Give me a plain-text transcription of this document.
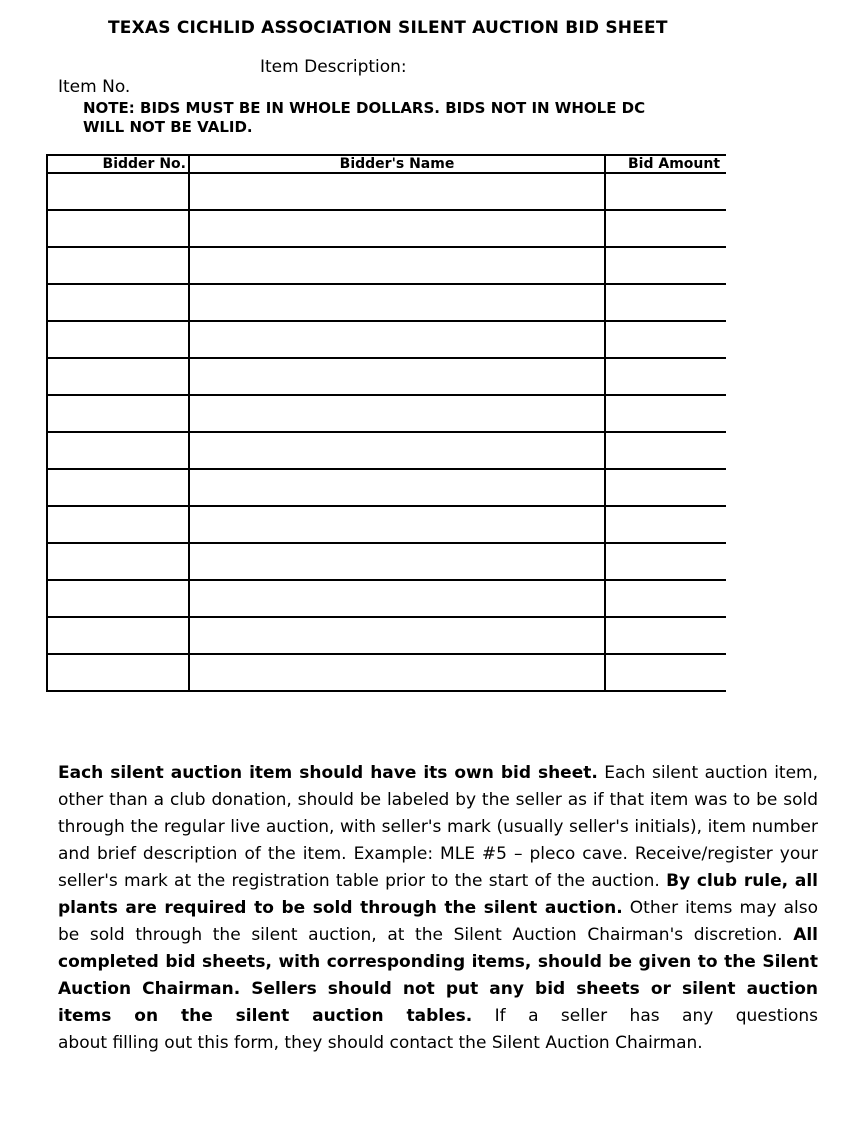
TEXAS CICHLID ASSOCIATION SILENT AUCTION BID SHEET
Item Description:
Item No.
NOTE: BIDS MUST BE IN WHOLE DOLLARS. BIDS NOT IN WHOLE DC
WILL NOT BE VALID.
Bidder No.	Bidder's Name	Bid Amount

Each silent auction item should have its own bid sheet. Each silent auction item, other than a club donation, should be labeled by the seller as if that item was to be sold through the regular live auction, with seller's mark (usually seller's initials), item number and brief description of the item. Example: MLE #5 – pleco cave. Receive/register your seller's mark at the registration table prior to the start of the auction. By club rule, all plants are required to be sold through the silent auction. Other items may also be sold through the silent auction, at the Silent Auction Chairman's discretion. All completed bid sheets, with corresponding items, should be given to the Silent Auction Chairman. Sellers should not put any bid sheets or silent auction items on the silent auction tables. If a seller has any questions

about filling out this form, they should contact the Silent Auction Chairman.
